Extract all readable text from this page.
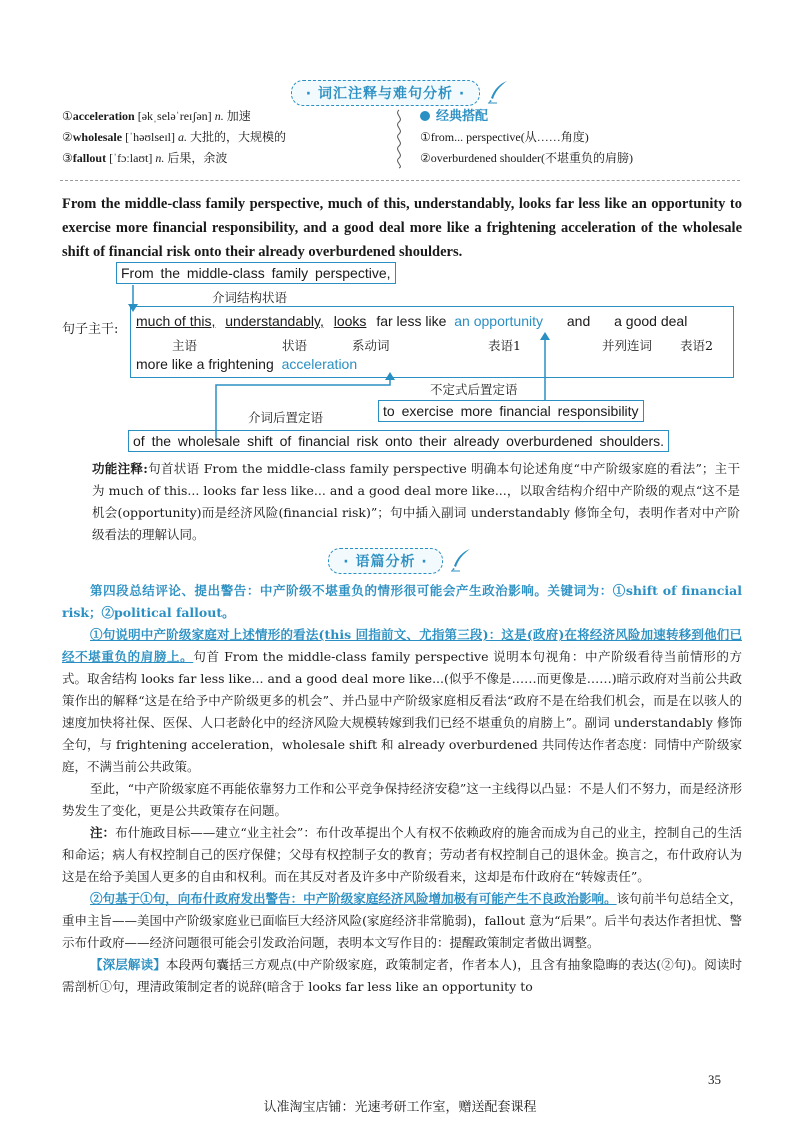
· 词汇注释与难句分析 ·
①acceleration [əkˌseləˈreɪʃən] n. 加速
②wholesale [ˈhəʊlseɪl] a. 大批的，大规模的
③fallout [ˈfɔːlaʊt] n. 后果，余波
经典搭配
①from... perspective(从……角度)
②overburdened shoulder(不堪重负的肩膀)
From the middle-class family perspective, much of this, understandably, looks far less like an opportunity to exercise more financial responsibility, and a good deal more like a frightening acceleration of the wholesale shift of financial risk onto their already overburdened shoulders.
From the middle-class family perspective,
介词结构状语
句子主干:
much of this, understandably, looks far less like an opportunity and a good deal
主语	状语	系动词	表语1	并列连词 表语2
more like a frightening acceleration
不定式后置定语
to exercise more financial responsibility
介词后置定语
of the wholesale shift of financial risk onto their already overburdened shoulders.
功能注释:句首状语 From the middle-class family perspective 明确本句论述角度“中产阶级家庭的看法”；主干为 much of this... looks far less like... and a good deal more like...，以取舍结构介绍中产阶级的观点“这不是机会(opportunity)而是经济风险(financial risk)”；句中插入副词 understandably 修饰全句，表明作者对中产阶级看法的理解认同。
· 语篇分析 ·
第四段总结评论、提出警告：中产阶级不堪重负的情形很可能会产生政治影响。关键词为：①shift of financial risk；②political fallout。
①句说明中产阶级家庭对上述情形的看法(this 回指前文、尤指第三段)：这是(政府)在将经济风险加速转移到他们已经不堪重负的肩膀上。句首 From the middle-class family perspective 说明本句视角：中产阶级看待当前情形的方式。取舍结构 looks far less like... and a good deal more like...(似乎不像是……而更像是……)暗示政府对当前公共政策作出的解释“这是在给予中产阶级更多的机会”、并凸显中产阶级家庭相反看法“政府不是在给我们机会，而是在以骇人的速度加快将社保、医保、人口老龄化中的经济风险大规模转嫁到我们已经不堪重负的肩膀上”。副词 understandably 修饰全句，与 frightening acceleration，wholesale shift 和 already overburdened 共同传达作者态度：同情中产阶级家庭，不满当前公共政策。
至此，“中产阶级家庭不再能依靠努力工作和公平竞争保持经济安稳”这一主线得以凸显：不是人们不努力，而是经济形势发生了变化，更是公共政策存在问题。
注：布什施政目标——建立“业主社会”：布什改革提出个人有权不依赖政府的施舍而成为自己的业主，控制自己的生活和命运；病人有权控制自己的医疗保健；父母有权控制子女的教育；劳动者有权控制自己的退休金。换言之，布什政府认为这是在给予美国人更多的自由和权利。而在其反对者及许多中产阶级看来，这却是布什政府在“转嫁责任”。
②句基于①句，向布什政府发出警告：中产阶级家庭经济风险增加极有可能产生不良政治影响。该句前半句总结全文，重申主旨——美国中产阶级家庭业已面临巨大经济风险(家庭经济非常脆弱)，fallout 意为“后果”。后半句表达作者担忧、警示布什政府——经济问题很可能会引发政治问题，表明本文写作目的：提醒政策制定者做出调整。
【深层解读】本段两句囊括三方观点(中产阶级家庭，政策制定者，作者本人)，且含有抽象隐晦的表达(②句)。阅读时需剖析①句，理清政策制定者的说辞(暗含于 looks far less like an opportunity to
35
认准淘宝店铺：光速考研工作室，赠送配套课程
